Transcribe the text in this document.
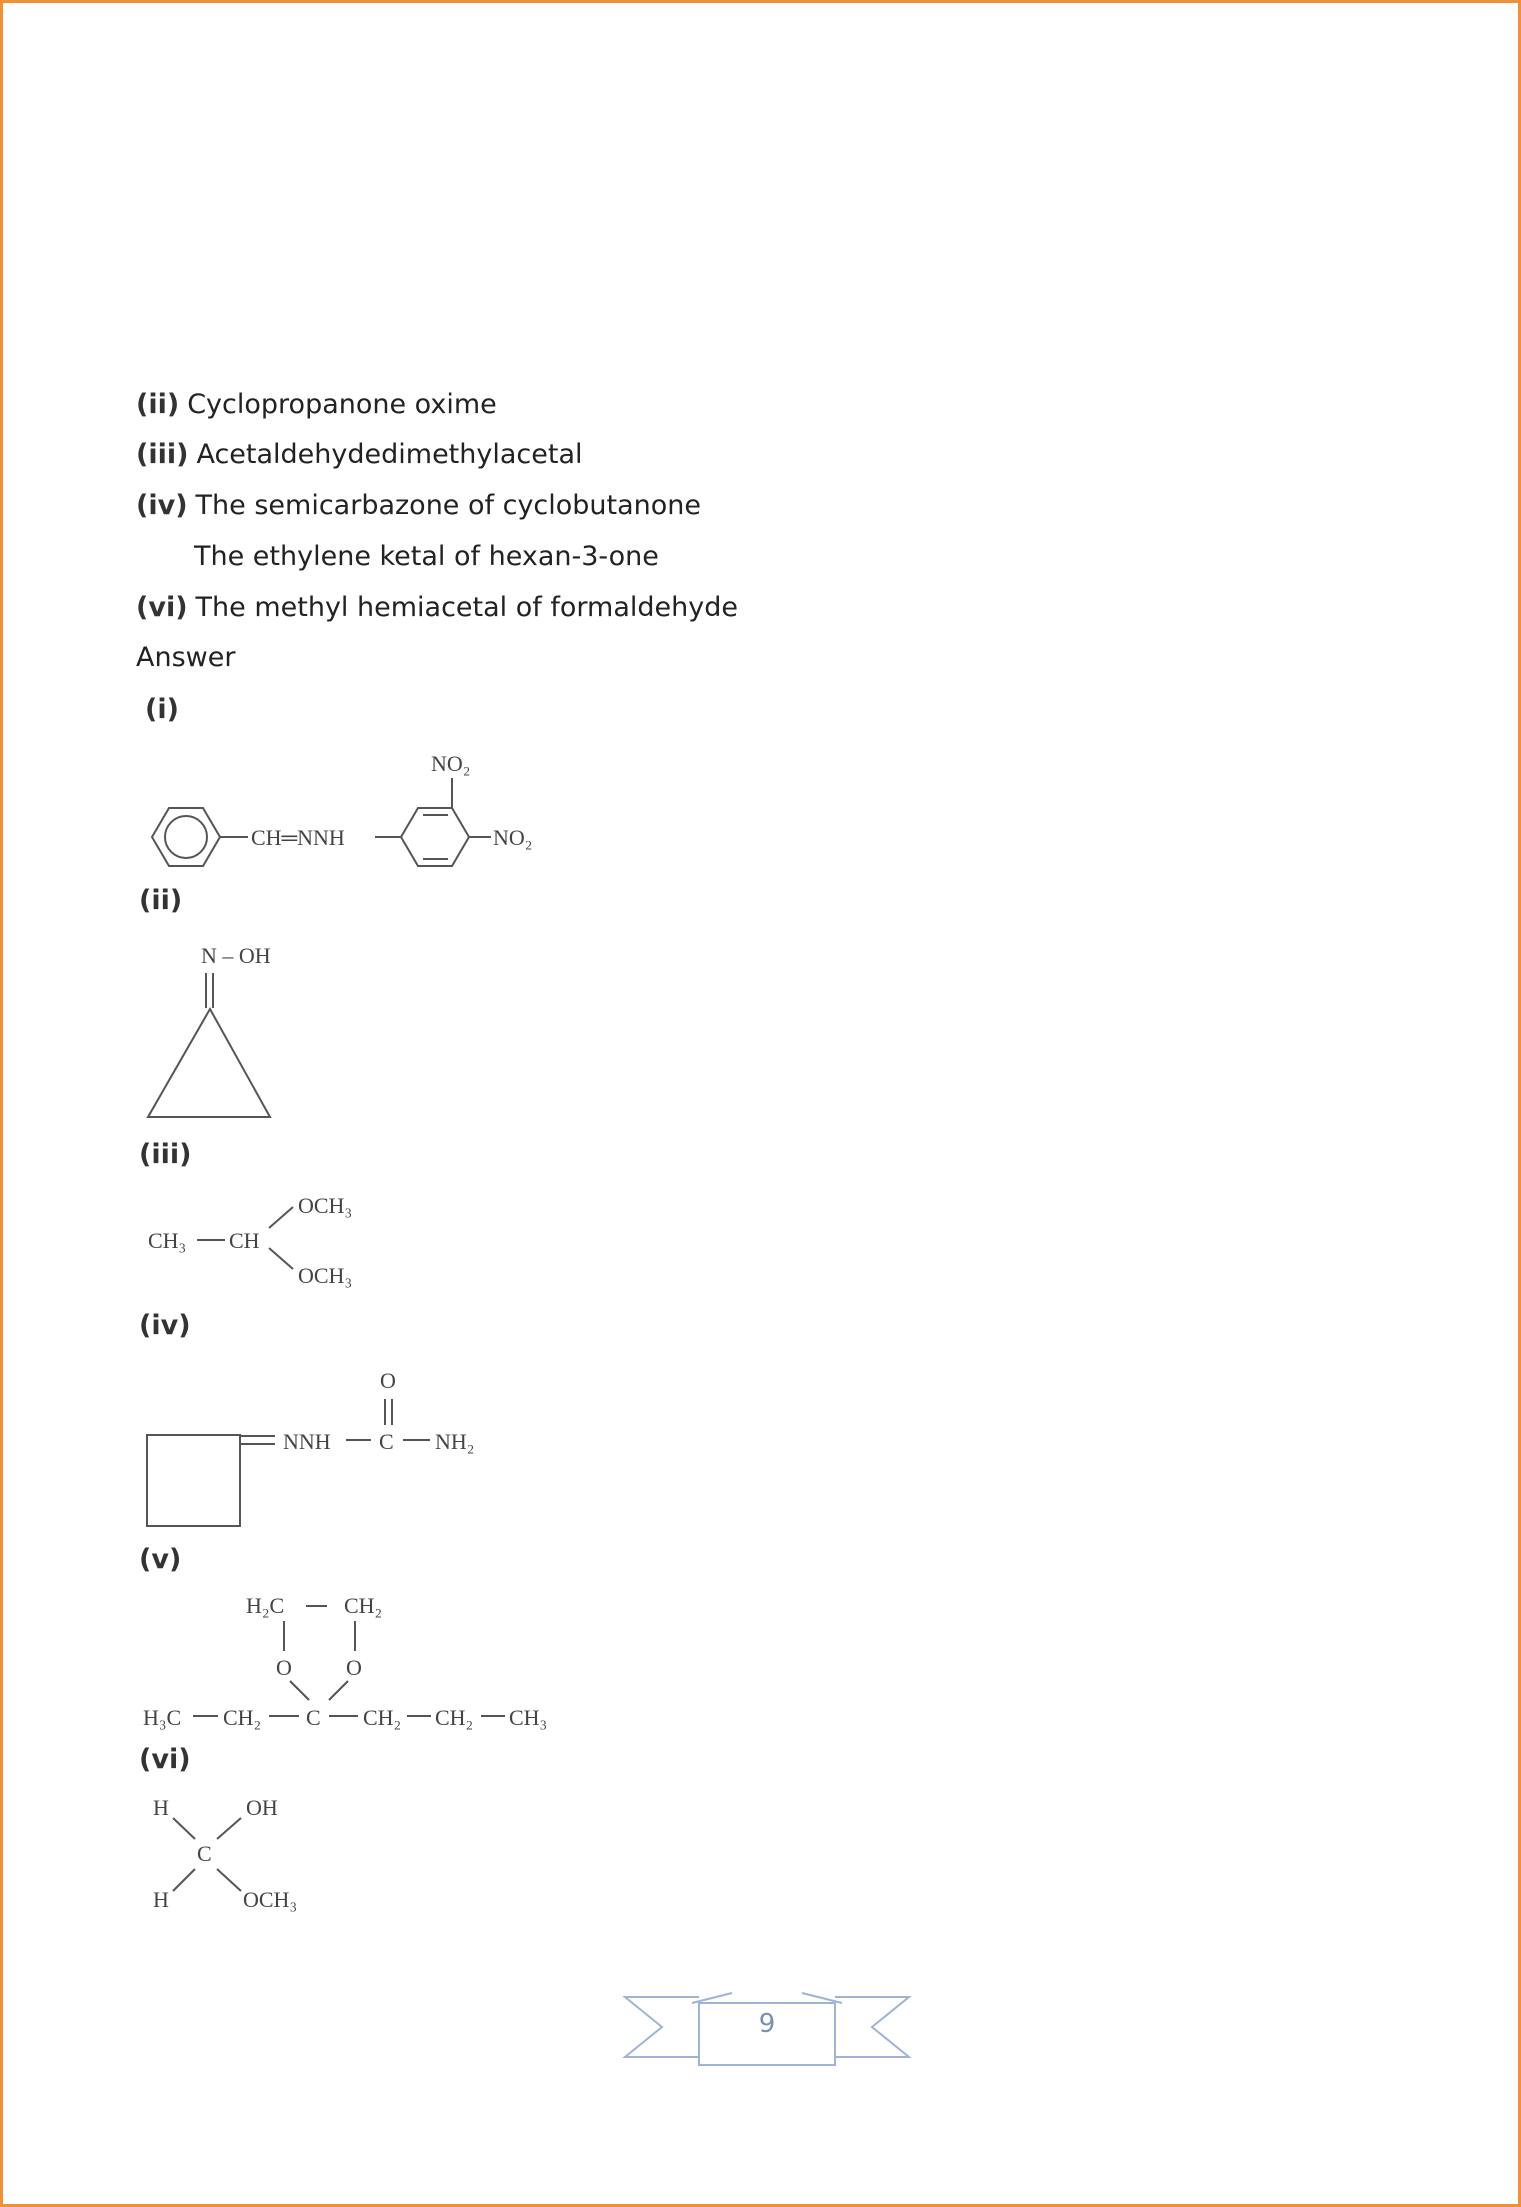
(ii) Cyclopropanone oxime
(iii) Acetaldehydedimethylacetal
(iv) The semicarbazone of cyclobutanone
The ethylene ketal of hexan-3-one
(vi) The methyl hemiacetal of formaldehyde
Answer
(i)
(ii)
(iii)
(iv)
(v)
(vi)
CH═NNH
NO₂
NO₂
N – OH
CH₃ CH
OCH₃
OCH₃
NNH C
O
NH₂
H₂C	CH₂
O O
H₃C CH₂ C CH₂ CH₂ CH₃
H	OH
C
H	OCH₃
9
